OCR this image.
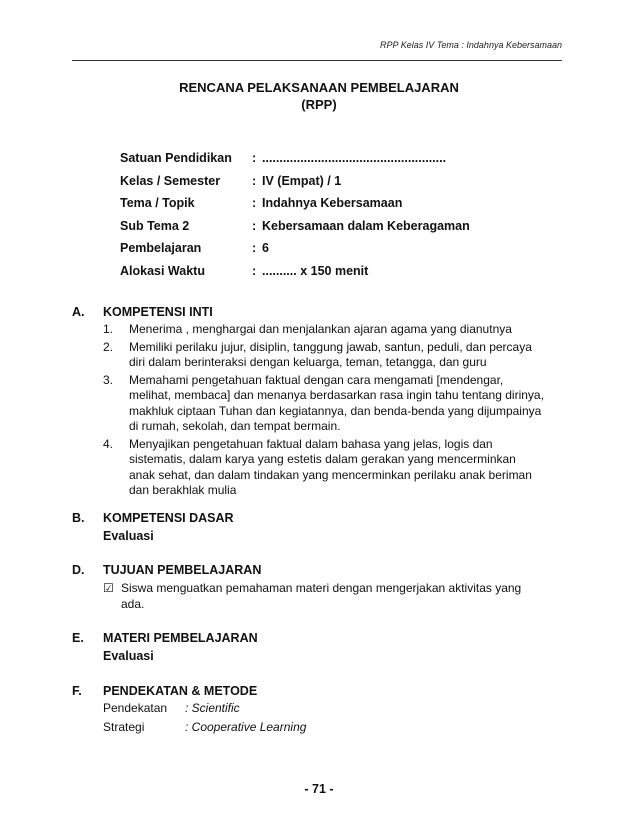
RPP Kelas IV Tema : Indahnya Kebersamaan
RENCANA PELAKSANAAN PEMBELAJARAN
(RPP)
Satuan Pendidikan	: .....................................................
Kelas / Semester	: IV (Empat) / 1
Tema / Topik	: Indahnya Kebersamaan
Sub Tema 2	: Kebersamaan dalam Keberagaman
Pembelajaran	: 6
Alokasi Waktu	: .......... x 150 menit
A.	KOMPETENSI INTI
1.	Menerima , menghargai dan menjalankan ajaran agama yang dianutnya
2.	Memiliki perilaku jujur, disiplin, tanggung jawab, santun, peduli, dan percaya
diri dalam berinteraksi dengan keluarga, teman, tetangga, dan guru
3.	Memahami pengetahuan faktual dengan cara mengamati [mendengar,
melihat, membaca] dan menanya berdasarkan rasa ingin tahu tentang dirinya,
makhluk ciptaan Tuhan dan kegiatannya, dan benda-benda yang dijumpainya
di rumah, sekolah, dan tempat bermain.
4.	Menyajikan pengetahuan faktual dalam bahasa yang jelas, logis dan
sistematis, dalam karya yang estetis dalam gerakan yang mencerminkan
anak sehat, dan dalam tindakan yang mencerminkan perilaku anak beriman
dan berakhlak mulia
B.	KOMPETENSI DASAR
Evaluasi
D.	TUJUAN PEMBELAJARAN
☑ Siswa menguatkan pemahaman materi dengan mengerjakan aktivitas yang
ada.
E.	MATERI PEMBELAJARAN
Evaluasi
F.	PENDEKATAN & METODE
Pendekatan	: Scientific
Strategi	: Cooperative Learning
- 71 -
